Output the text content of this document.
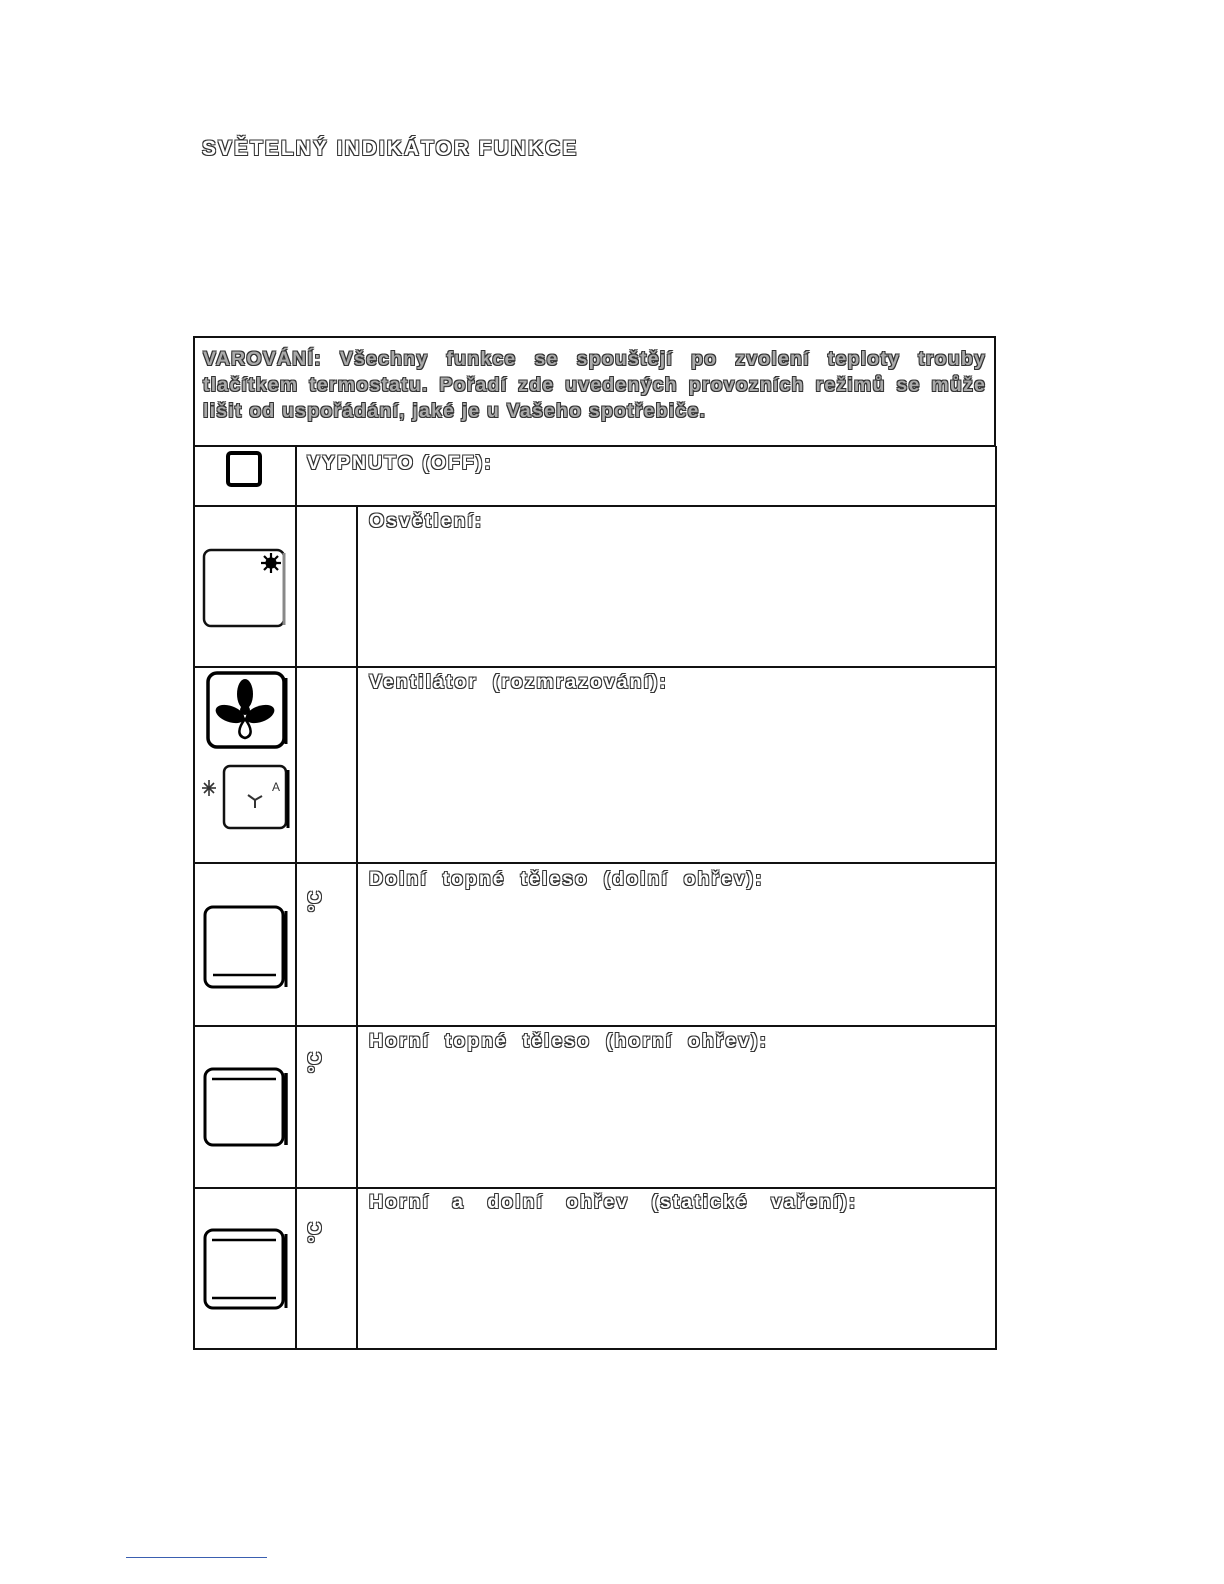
SVĚTELNÝ INDIKÁTOR FUNKCE
VAROVÁNÍ: Všechny funkce se spouštějí po zvolení teploty trouby tlačítkem termostatu. Pořadí zde uvedených provozních režimů se může lišit od uspořádání, jaké je u Vašeho spotřebiče.
VYPNUTO (OFF):
Osvětlení:
A
Ventilátor  (rozmrazování):
°C
Dolní  topné  těleso  (dolní  ohřev):
°C
Horní  topné  těleso  (horní  ohřev):
°C
Horní   a   dolní   ohřev   (statické   vaření):
